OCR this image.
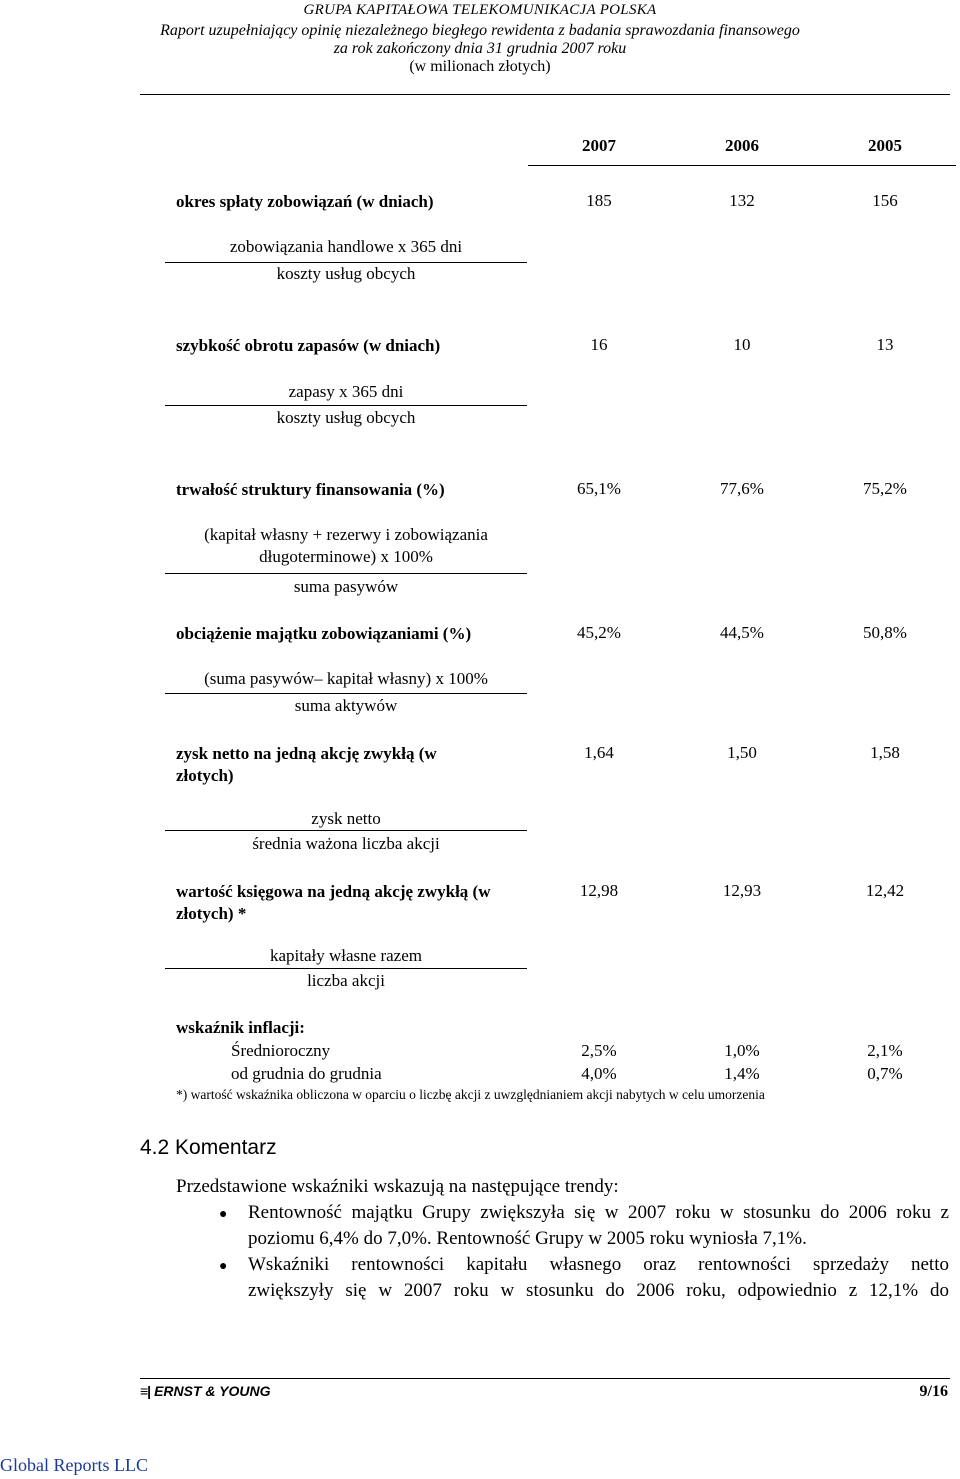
GRUPA KAPITAŁOWA TELEKOMUNIKACJA POLSKA
Raport uzupełniający opinię niezależnego biegłego rewidenta z badania sprawozdania finansowego
za rok zakończony dnia 31 grudnia 2007 roku
(w milionach złotych)
2007	2006	2005
okres spłaty zobowiązań (w dniach)	185	132	156
zobowiązania handlowe x 365 dni
koszty usług obcych
szybkość obrotu zapasów (w dniach)	16	10	13
zapasy x 365 dni
koszty usług obcych
trwałość struktury finansowania (%)	65,1%	77,6%	75,2%
(kapitał własny + rezerwy i zobowiązania
długoterminowe) x 100%
suma pasywów
obciążenie majątku zobowiązaniami (%)	45,2%	44,5%	50,8%
(suma pasywów– kapitał własny) x 100%
suma aktywów
zysk netto na jedną akcję zwykłą (w
złotych)
1,64	1,50	1,58
zysk netto
średnia ważona liczba akcji
wartość księgowa na jedną akcję zwykłą (w
złotych) *
12,98	12,93	12,42
kapitały własne razem
liczba akcji
wskaźnik inflacji:
Średnioroczny	2,5%	1,0%	2,1%
od grudnia do grudnia	4,0%	1,4%	0,7%
*) wartość wskaźnika obliczona w oparciu o liczbę akcji z uwzględnianiem akcji nabytych w celu umorzenia
4.2 Komentarz
Przedstawione wskaźniki wskazują na następujące trendy:
● Rentowność majątku Grupy zwiększyła się w 2007 roku w stosunku do 2006 roku z
poziomu 6,4% do 7,0%. Rentowność Grupy w 2005 roku wyniosła 7,1%.
● Wskaźniki rentowności kapitału własnego oraz rentowności sprzedaży netto
zwiększyły się w 2007 roku w stosunku do 2006 roku, odpowiednio z 12,1% do
≡| ERNST & YOUNG	9/16
Global Reports LLC
